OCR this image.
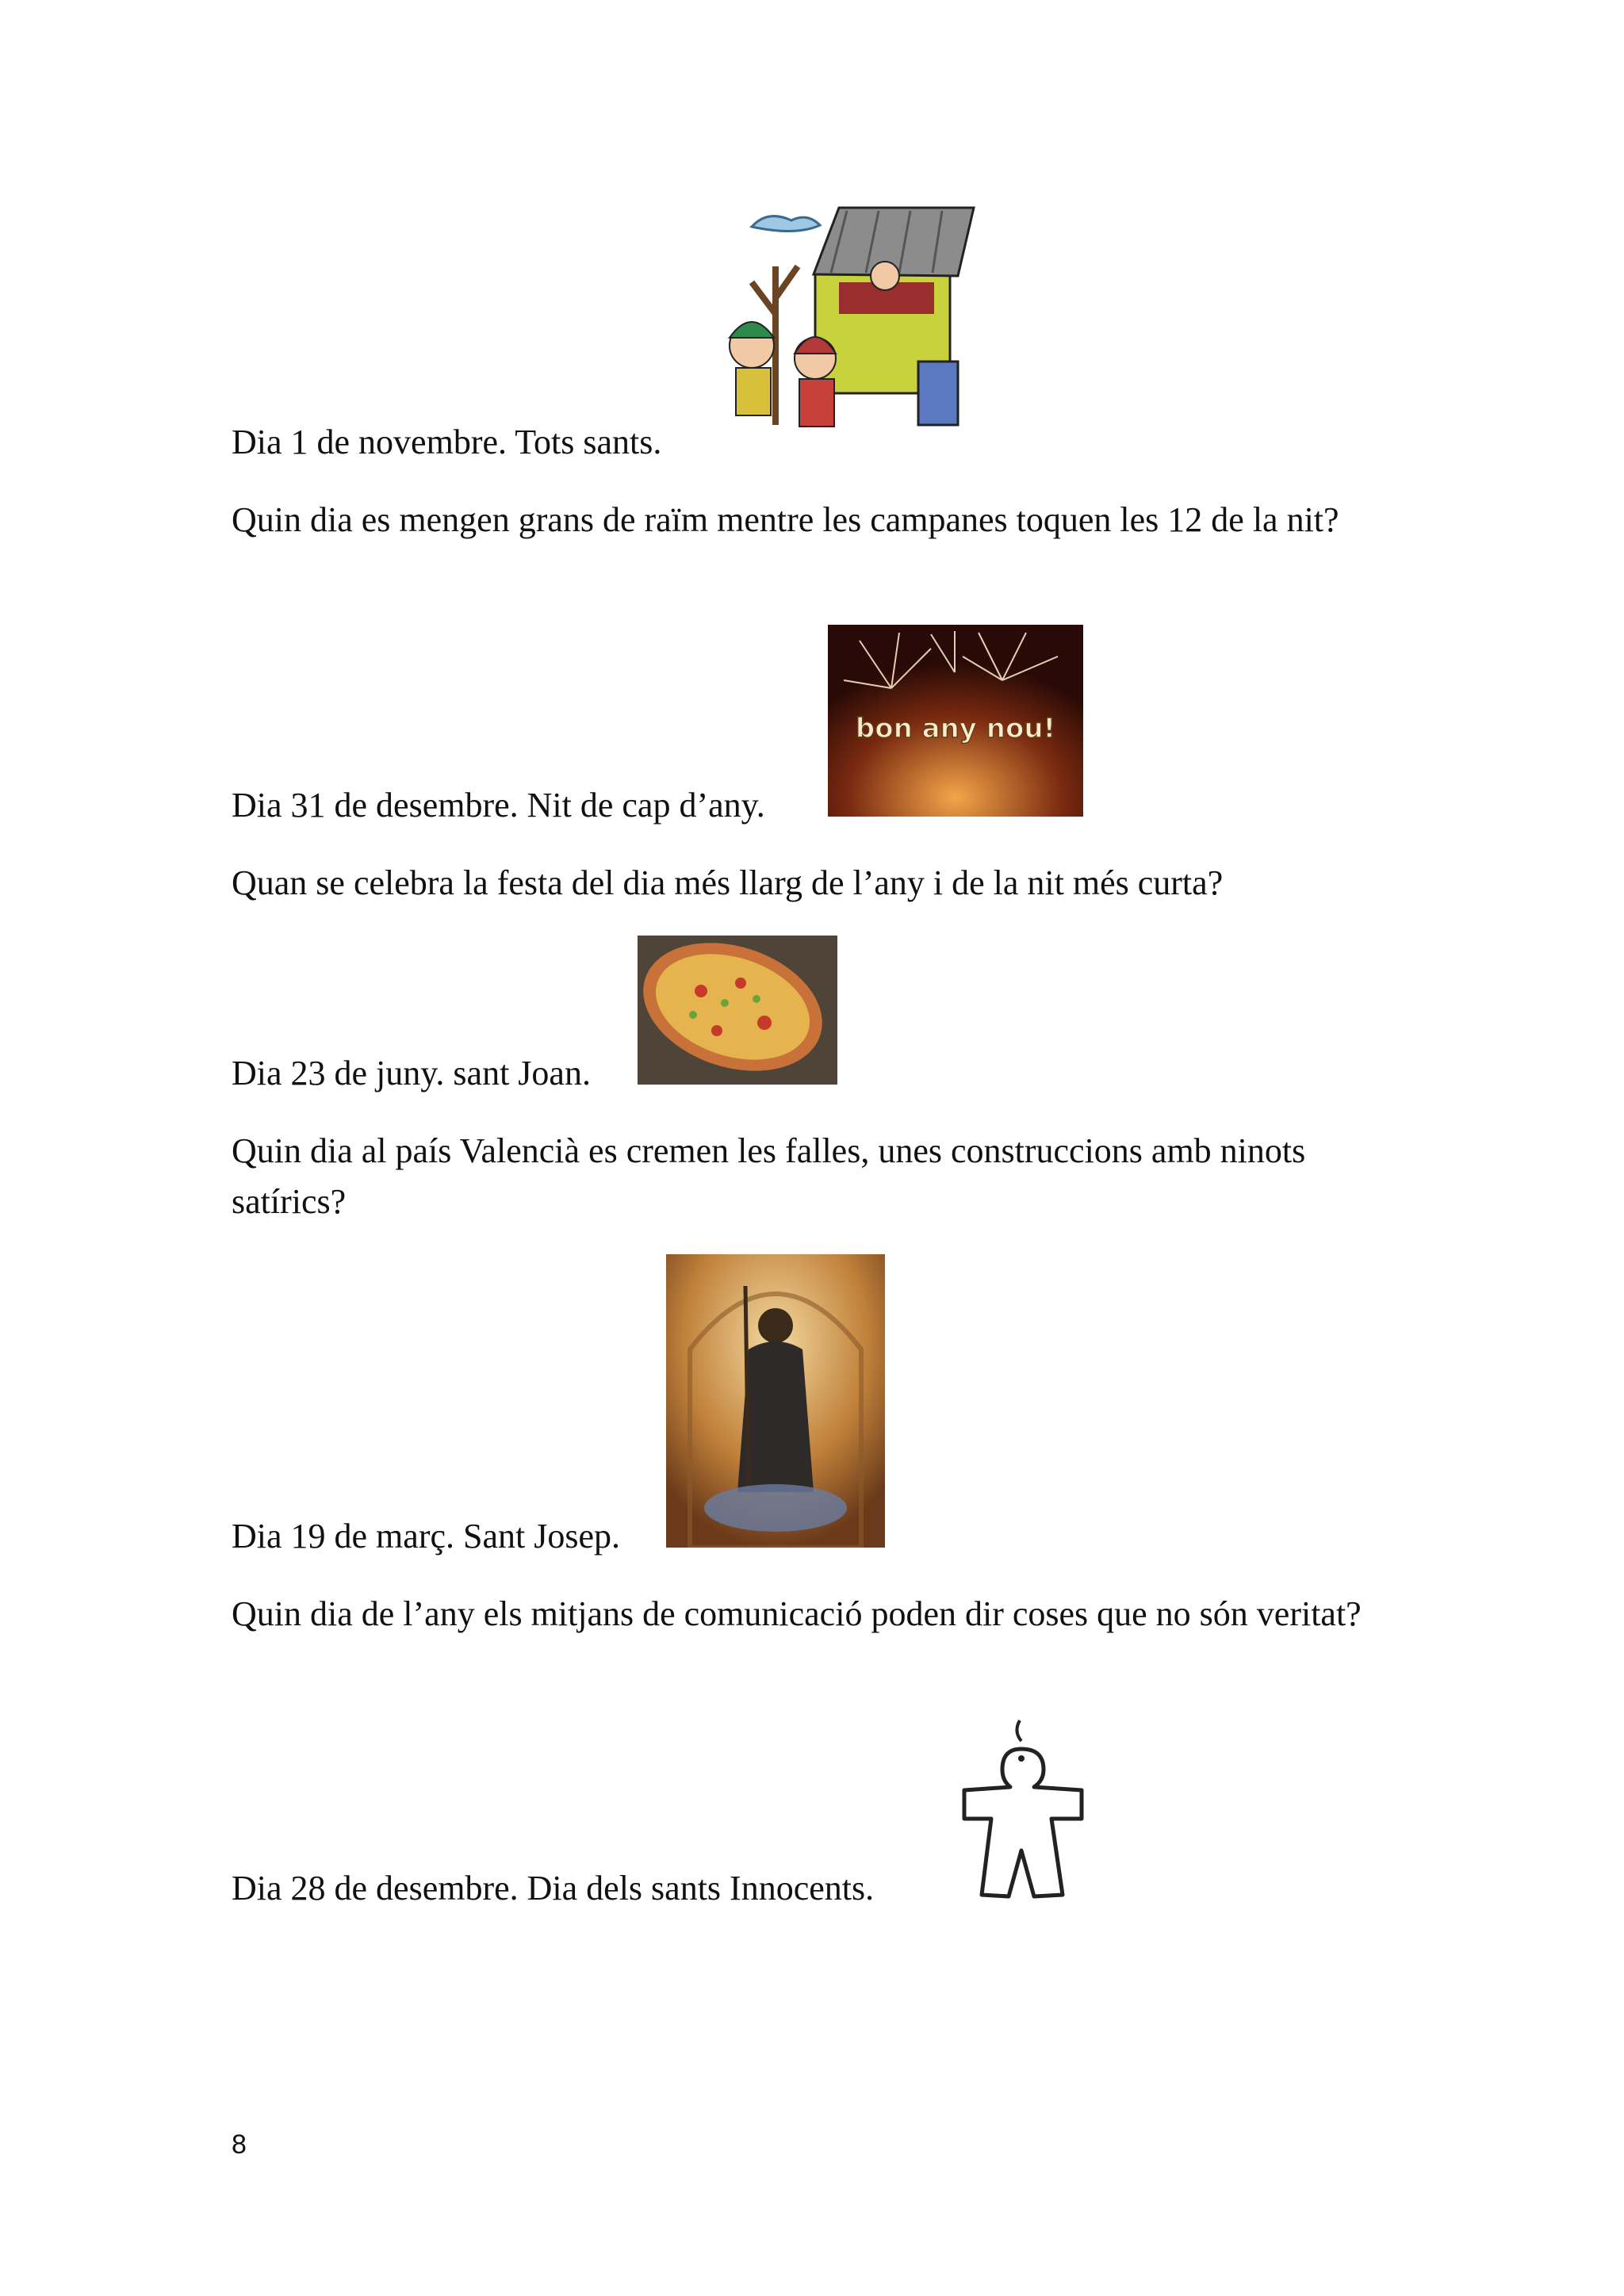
Dia 1 de novembre. Tots sants.
Quin dia es mengen grans de raïm mentre les campanes toquen les 12 de la nit?
bon any nou!
Dia 31 de desembre. Nit de cap d’any.
Quan se celebra la festa del dia més llarg de l’any i de la nit més curta?
Dia 23 de juny. sant Joan.
Quin dia al país Valencià es cremen les falles, unes construccions amb ninots satírics?
Dia 19 de març. Sant Josep.
Quin dia de l’any els mitjans de comunicació poden dir coses que no són veritat?
Dia 28 de desembre. Dia dels sants Innocents.
8
